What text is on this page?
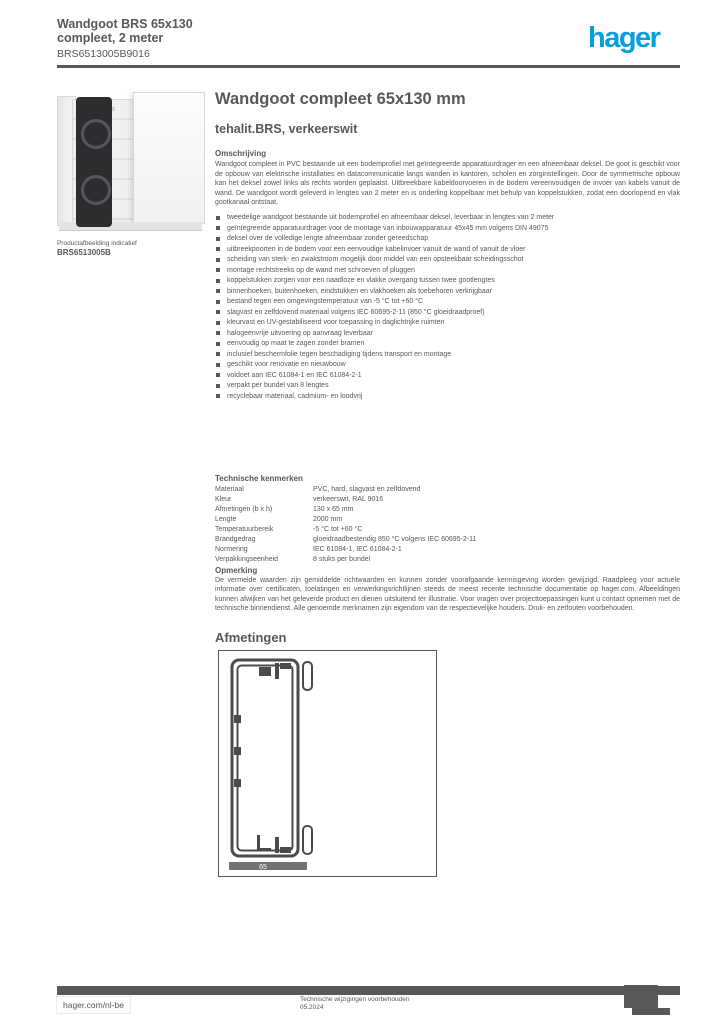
Wandgoot BRS 65x130
compleet, 2 meter
BRS6513005B9016	hager
Productafbeelding indicatief
BRS6513005B
Wandgoot compleet 65x130 mm
tehalit.BRS, verkeerswit
Omschrijving
Wandgoot compleet in PVC bestaande uit een bodemprofiel met geïntegreerde apparatuurdrager en een afneembaar deksel. De goot is geschikt voor de opbouw van elektrische installaties en datacommunicatie langs wanden in kantoren, scholen en zorginstellingen. Door de symmetrische opbouw kan het deksel zowel links als rechts worden geplaatst. Uitbreekbare kabeldoorvoeren in de bodem vereenvoudigen de invoer van kabels vanuit de wand. De wandgoot wordt geleverd in lengtes van 2 meter en is onderling koppelbaar met behulp van koppelstukken, zodat een doorlopend en vlak gootkanaal ontstaat.
tweedelige wandgoot bestaande uit bodemprofiel en afneembaar deksel, leverbaar in lengtes van 2 meter
geïntegreerde apparatuurdrager voor de montage van inbouwapparatuur 45x45 mm volgens DIN 49075
deksel over de volledige lengte afneembaar zonder gereedschap
uitbreekpoorten in de bodem voor een eenvoudige kabelinvoer vanuit de wand of vanuit de vloer
scheiding van sterk- en zwakstroom mogelijk door middel van een opsteekbaar scheidingsschot
montage rechtstreeks op de wand met schroeven of pluggen
koppelstukken zorgen voor een naadloze en vlakke overgang tussen twee gootlengtes
binnenhoeken, buitenhoeken, eindstukken en vlakhoeken als toebehoren verkrijgbaar
bestand tegen een omgevingstemperatuur van -5 °C tot +60 °C
slagvast en zelfdovend materiaal volgens IEC 60695-2-11 (850 °C gloeidraadproef)
kleurvast en UV-gestabiliseerd voor toepassing in daglichtrijke ruimten
halogeenvrije uitvoering op aanvraag leverbaar
eenvoudig op maat te zagen zonder bramen
inclusief beschermfolie tegen beschadiging tijdens transport en montage
geschikt voor renovatie en nieuwbouw
voldoet aan IEC 61084-1 en IEC 61084-2-1
verpakt per bundel van 8 lengtes
recyclebaar materiaal, cadmium- en loodvrij
Technische kenmerken
Materiaal	PVC, hard, slagvast en zelfdovend
Kleur	verkeerswit, RAL 9016
Afmetingen (b x h)	130 x 65 mm
Lengte	2000 mm
Temperatuurbereik	-5 °C tot +60 °C
Brandgedrag	gloeidraadbestendig 850 °C volgens IEC 60695-2-11
Normering	IEC 61084-1, IEC 61084-2-1
Verpakkingseenheid	8 stuks per bundel
Opmerking
De vermelde waarden zijn gemiddelde richtwaarden en kunnen zonder voorafgaande kennisgeving worden gewijzigd. Raadpleeg voor actuele informatie over certificaten, toelatingen en verwerkingsrichtlijnen steeds de meest recente technische documentatie op hager.com. Afbeeldingen kunnen afwijken van het geleverde product en dienen uitsluitend ter illustratie. Voor vragen over projecttoepassingen kunt u contact opnemen met de technische binnendienst. Alle genoemde merknamen zijn eigendom van de respectievelijke houders. Druk- en zetfouten voorbehouden.
Afmetingen
65
hager.com/nl-be
Technische wijzigingen voorbehouden
05.2024
